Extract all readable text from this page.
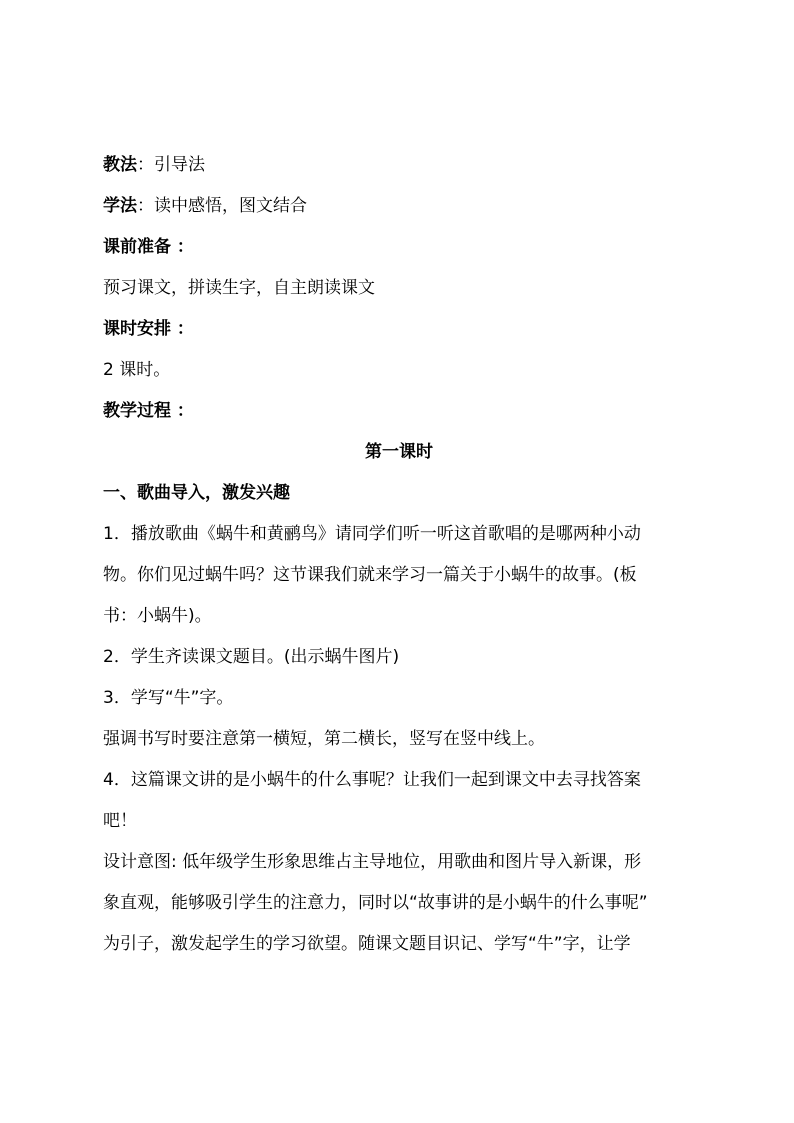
教法：引导法

学法：读中感悟，图文结合

课前准备 ：

预习课文，拼读生字，自主朗读课文

课时安排 ：

2 课时。

教学过程 ：

第一课时

一、歌曲导入，激发兴趣

1．播放歌曲《蜗牛和黄鹂鸟》请同学们听一听这首歌唱的是哪两种小动
物。你们见过蜗牛吗？这节课我们就来学习一篇关于小蜗牛的故事。(板
书：小蜗牛)。

2．学生齐读课文题目。(出示蜗牛图片)

3．学写“牛”字。

强调书写时要注意第一横短，第二横长，竖写在竖中线上。

4．这篇课文讲的是小蜗牛的什么事呢？让我们一起到课文中去寻找答案
吧！
设计意图: 低年级学生形象思维占主导地位，用歌曲和图片导入新课，形
象直观，能够吸引学生的注意力，同时以“故事讲的是小蜗牛的什么事呢”
为引子，激发起学生的学习欲望。随课文题目识记、学写“牛”字，让学
